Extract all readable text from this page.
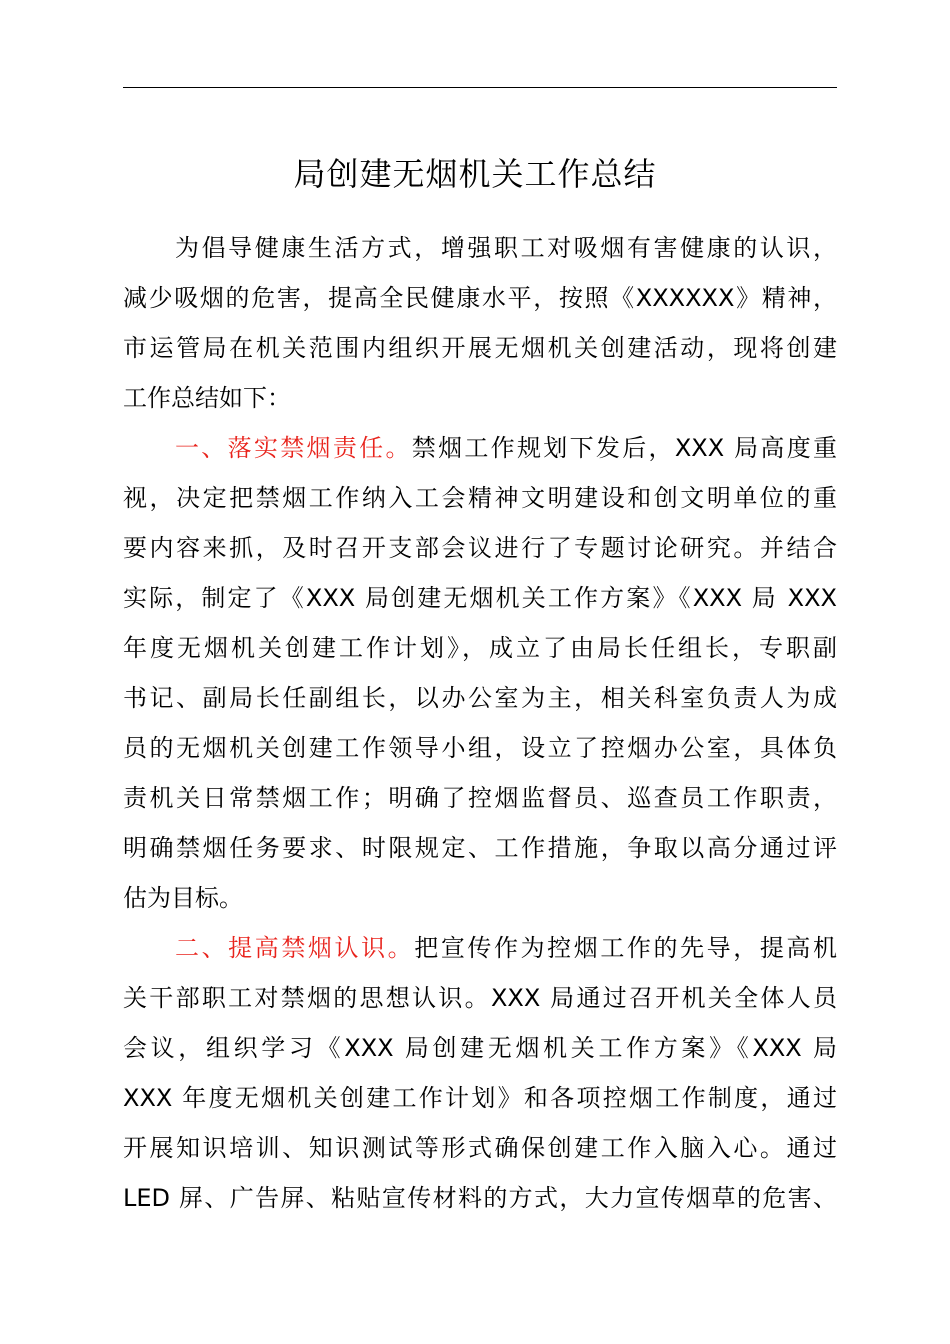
局创建无烟机关工作总结
为倡导健康生活方式，增强职工对吸烟有害健康的认识，
减少吸烟的危害，提高全民健康水平，按照《XXXXXX》精神，
市运管局在机关范围内组织开展无烟机关创建活动，现将创建
工作总结如下：
一、落实禁烟责任。禁烟工作规划下发后，XXX 局高度重
视，决定把禁烟工作纳入工会精神文明建设和创文明单位的重
要内容来抓，及时召开支部会议进行了专题讨论研究。并结合
实际，制定了《XXX 局创建无烟机关工作方案》《XXX 局 XXX
年度无烟机关创建工作计划》，成立了由局长任组长，专职副
书记、副局长任副组长，以办公室为主，相关科室负责人为成
员的无烟机关创建工作领导小组，设立了控烟办公室，具体负
责机关日常禁烟工作；明确了控烟监督员、巡查员工作职责，
明确禁烟任务要求、时限规定、工作措施，争取以高分通过评
估为目标。
二、提高禁烟认识。把宣传作为控烟工作的先导，提高机
关干部职工对禁烟的思想认识。XXX 局通过召开机关全体人员
会议，组织学习《XXX 局创建无烟机关工作方案》《XXX 局
XXX 年度无烟机关创建工作计划》和各项控烟工作制度，通过
开展知识培训、知识测试等形式确保创建工作入脑入心。通过
LED 屏、广告屏、粘贴宣传材料的方式，大力宣传烟草的危害、
